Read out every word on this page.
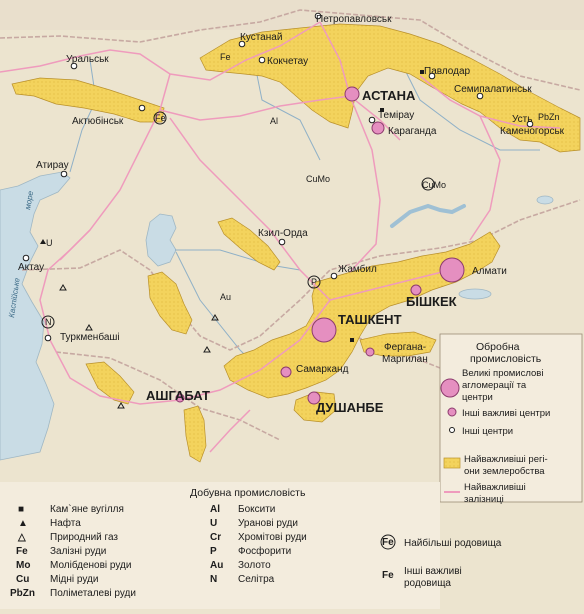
Каспійське
море
Fe
Al
CuMo
CuMo
PbZn
Au
P
N
U
Fe
Петропавловськ
Кустанай
Кокчетау
Уральськ
Павлодар
Семипалатинськ
Усть
Каменогорськ
Актюбінськ
АСТАНА
Темірау
Караганда
Атирау
Актау
Кзил-Орда
Жамбил	Алмати
БІШКЕК
ТАШКЕНТ
Фергана-
Маргилан
Самарканд
ДУШАНБЕ
АШГАБАТ
Туркменбаші
Обробна
промисловість
Великі промислові
агломерації та
центри
Інші важливі центри
Інші центри
Найважливіші регі-
они землеробства
Найважливіші
залізниці
Добувна промисловість
■	Кам`яне вугілля
▲ Нафта
△ Природний газ
Fe Залізні руди
Mo Молібденові руди
Cu Мідні руди
PbZn Поліметалеві руди
Al Боксити
U Уранові руди
Cr Хромітові руди
P Фосфорити
Au Золото
N Селітра
Fe Найбільші родовища
Fe Інші важливі
родовища
